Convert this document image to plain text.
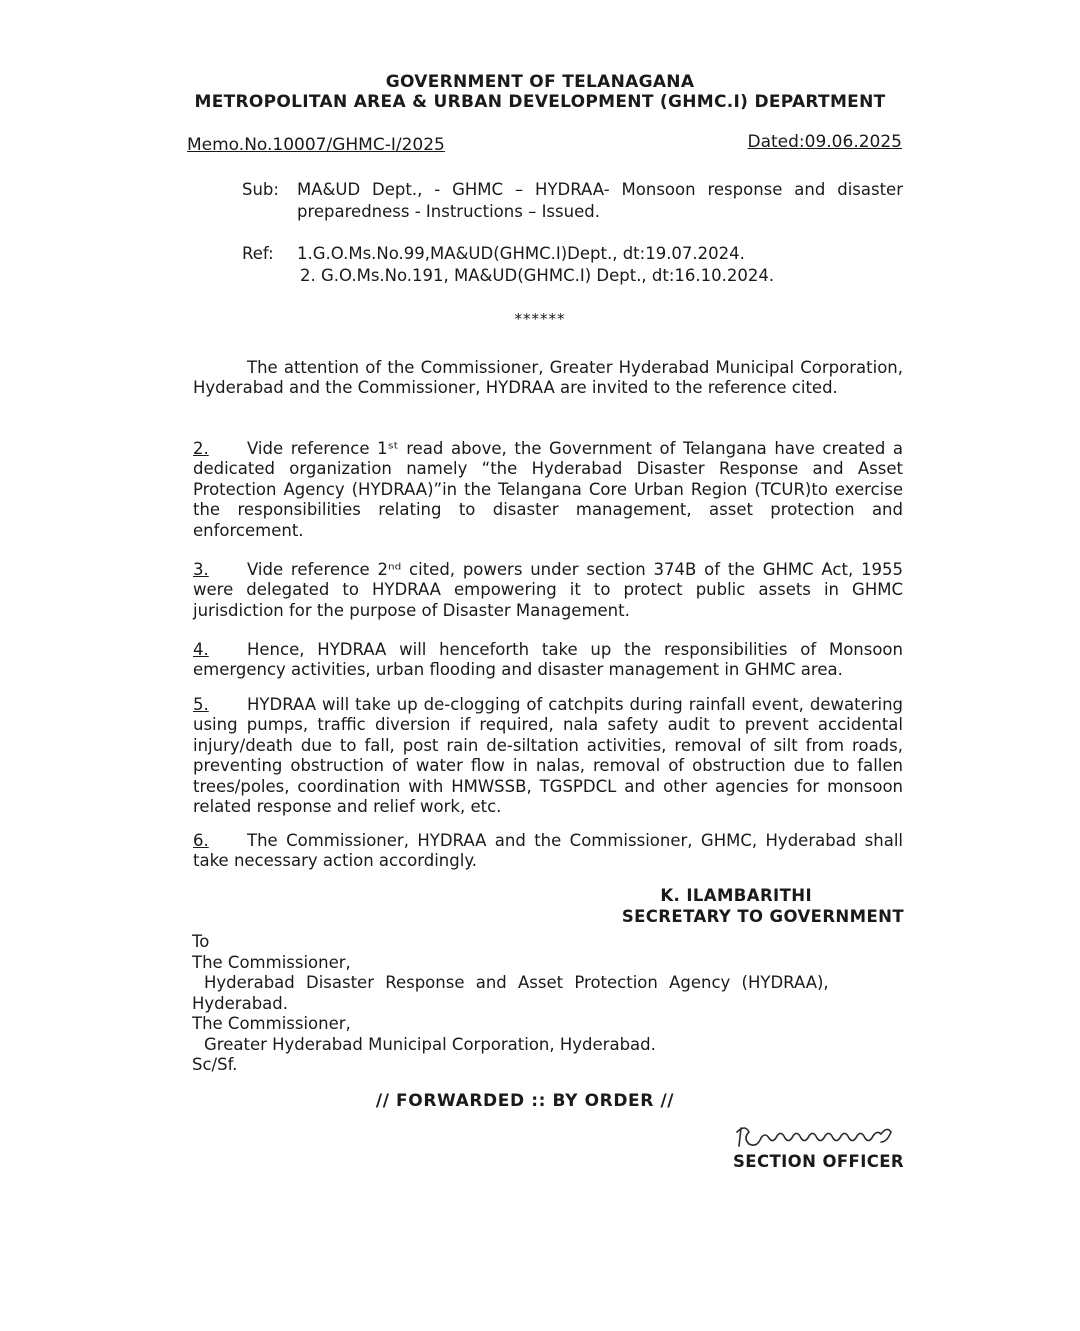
GOVERNMENT OF TELANAGANA
METROPOLITAN AREA & URBAN DEVELOPMENT (GHMC.I) DEPARTMENT
Memo.No.10007/GHMC-I/2025	Dated:09.06.2025
Sub: MA&UD Dept., - GHMC – HYDRAA- Monsoon response and disaster preparedness - Instructions – Issued.
Ref: 1.G.O.Ms.No.99,MA&UD(GHMC.I)Dept., dt:19.07.2024.
2. G.O.Ms.No.191, MA&UD(GHMC.I) Dept., dt:16.10.2024.
******
The attention of the Commissioner, Greater Hyderabad Municipal Corporation, Hyderabad and the Commissioner, HYDRAA are invited to the reference cited.
2. Vide reference 1ˢᵗ read above, the Government of Telangana have created a dedicated organization namely “the Hyderabad Disaster Response and Asset Protection Agency (HYDRAA)”in the Telangana Core Urban Region (TCUR)to exercise the responsibilities relating to disaster management, asset protection and enforcement.
3. Vide reference 2ⁿᵈ cited, powers under section 374B of the GHMC Act, 1955 were delegated to HYDRAA empowering it to protect public assets in GHMC jurisdiction for the purpose of Disaster Management.
4. Hence, HYDRAA will henceforth take up the responsibilities of Monsoon emergency activities, urban flooding and disaster management in GHMC area.
5. HYDRAA will take up de-clogging of catchpits during rainfall event, dewatering using pumps, traffic diversion if required, nala safety audit to prevent accidental injury/death due to fall, post rain de-siltation activities, removal of silt from roads, preventing obstruction of water flow in nalas, removal of obstruction due to fallen trees/poles, coordination with HMWSSB, TGSPDCL and other agencies for monsoon related response and relief work, etc.
6. The Commissioner, HYDRAA and the Commissioner, GHMC, Hyderabad shall take necessary action accordingly.
K. ILAMBARITHI
SECRETARY TO GOVERNMENT
To
The Commissioner,
Hyderabad Disaster Response and Asset Protection Agency (HYDRAA),
Hyderabad.
The Commissioner,
Greater Hyderabad Municipal Corporation, Hyderabad.
Sc/Sf.
// FORWARDED :: BY ORDER //
SECTION OFFICER
